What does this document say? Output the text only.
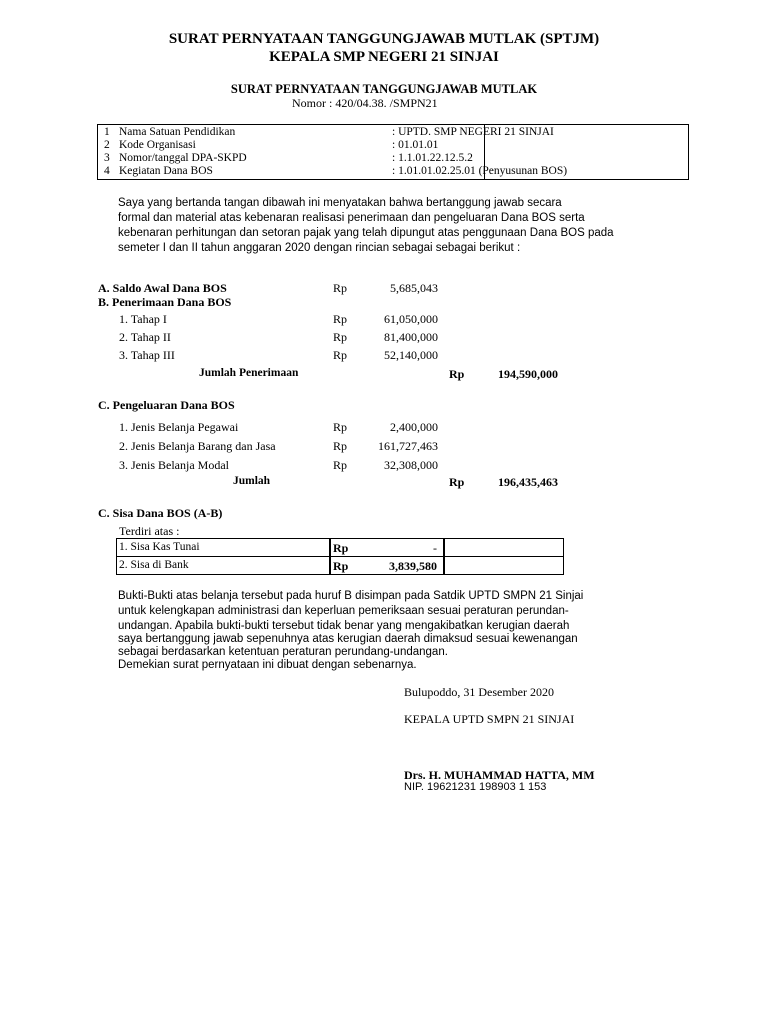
SURAT PERNYATAAN TANGGUNGJAWAB MUTLAK (SPTJM)
KEPALA SMP NEGERI 21 SINJAI
SURAT PERNYATAAN TANGGUNGJAWAB MUTLAK
Nomor : 420/04.38. /SMPN21
1 Nama Satuan Pendidikan	: UPTD. SMP NEGERI 21 SINJAI
2 Kode Organisasi	: 01.01.01
3 Nomor/tanggal DPA-SKPD	: 1.1.01.22.12.5.2
4 Kegiatan Dana BOS	: 1.01.01.02.25.01 (Penyusunan BOS)
Saya yang bertanda tangan dibawah ini menyatakan bahwa bertanggung jawab secara
formal dan material atas kebenaran realisasi penerimaan dan pengeluaran Dana BOS serta
kebenaran perhitungan dan setoran pajak yang telah dipungut atas penggunaan Dana BOS pada
semeter I dan II tahun anggaran 2020 dengan rincian sebagai sebagai berikut :
A. Saldo Awal Dana BOS	Rp	5,685,043
B. Penerimaan Dana BOS
1. Tahap I	Rp	61,050,000
2. Tahap II	Rp	81,400,000
3. Tahap III	Rp	52,140,000
Jumlah Penerimaan	Rp	194,590,000
C. Pengeluaran Dana BOS
1. Jenis Belanja Pegawai	Rp	2,400,000
2. Jenis Belanja Barang dan Jasa	Rp	161,727,463
3. Jenis Belanja Modal	Rp	32,308,000
Jumlah	Rp	196,435,463
C. Sisa Dana BOS (A-B)
Terdiri atas :
1. Sisa Kas Tunai	Rp	-
2. Sisa di Bank	Rp	3,839,580
Bukti-Bukti atas belanja tersebut pada huruf B disimpan pada Satdik UPTD SMPN 21 Sinjai
untuk kelengkapan administrasi dan keperluan pemeriksaan sesuai peraturan perundan-
undangan. Apabila bukti-bukti tersebut tidak benar yang mengakibatkan kerugian daerah
saya bertanggung jawab sepenuhnya atas kerugian daerah dimaksud sesuai kewenangan
sebagai berdasarkan ketentuan peraturan perundang-undangan.
Demekian surat pernyataan ini dibuat dengan sebenarnya.
Bulupoddo, 31 Desember 2020
KEPALA UPTD SMPN 21 SINJAI
Drs. H. MUHAMMAD HATTA, MM
NIP. 19621231 198903 1 153
